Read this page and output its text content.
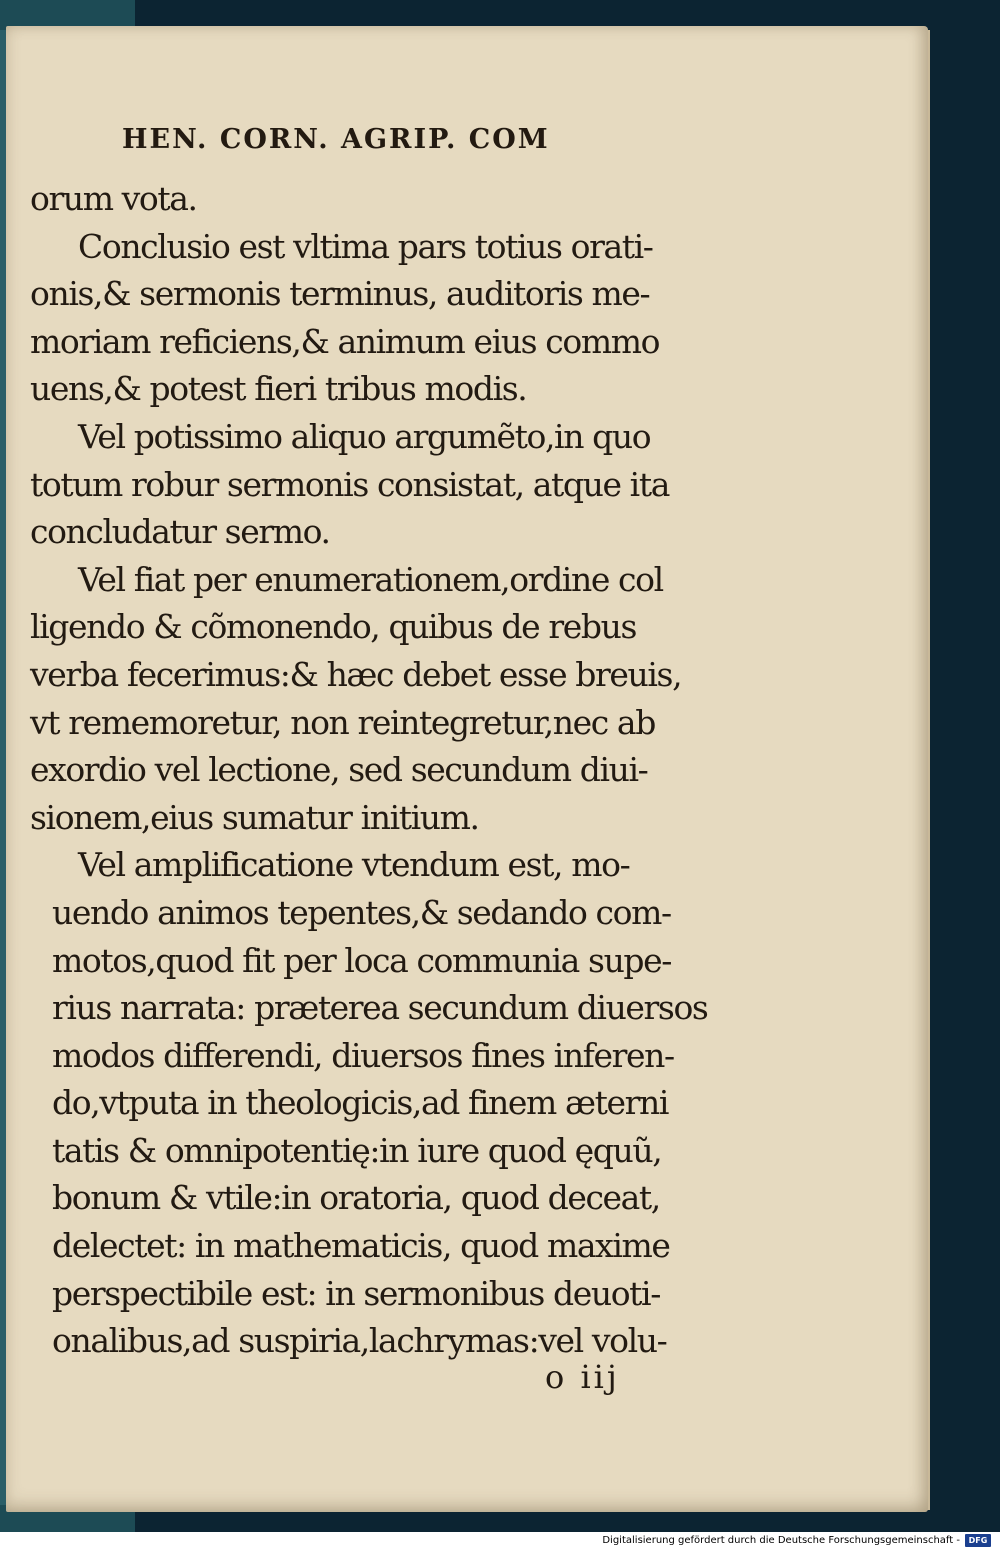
HEN. CORN. AGRIP. COM
orum vota.
Conclusio est vltima pars totius orati-
onis,& sermonis terminus, auditoris me-
moriam reficiens,& animum eius commo
uens,& potest fieri tribus modis.
Vel potissimo aliquo argumẽto,in quo
totum robur sermonis consistat, atque ita
concludatur sermo.
Vel fiat per enumerationem,ordine col
ligendo & cõmonendo, quibus de rebus
verba fecerimus:& hæc debet esse breuis,
vt rememoretur, non reintegretur,nec ab
exordio vel lectione, sed secundum diui-
sionem,eius sumatur initium.
Vel amplificatione vtendum est, mo-
uendo animos tepentes,& sedando com-
motos,quod fit per loca communia supe-
rius narrata: præterea secundum diuersos
modos differendi, diuersos fines inferen-
do,vtputa in theologicis,ad finem æterni
tatis & omnipotentię:in iure quod ęquũ,
bonum & vtile:in oratoria, quod deceat,
delectet: in mathematicis, quod maxime
perspectibile est: in sermonibus deuoti-
onalibus,ad suspiria,lachrymas:vel volu-
o iij
Digitalisierung gefördert durch die Deutsche Forschungsgemeinschaft -	DFG
